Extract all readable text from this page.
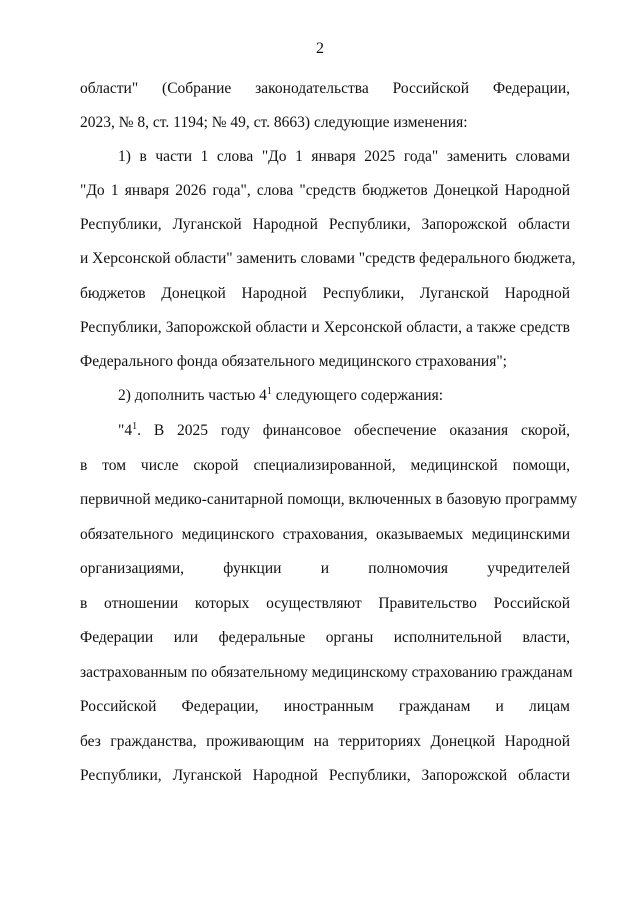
2
области" (Собрание законодательства Российской Федерации,
2023, № 8, ст. 1194; № 49, ст. 8663) следующие изменения:
1) в части 1 слова "До 1 января 2025 года" заменить словами
"До 1 января 2026 года", слова "средств бюджетов Донецкой Народной
Республики, Луганской Народной Республики, Запорожской области
и Херсонской области" заменить словами "средств федерального бюджета,
бюджетов Донецкой Народной Республики, Луганской Народной
Республики, Запорожской области и Херсонской области, а также средств
Федерального фонда обязательного медицинского страхования";
2) дополнить частью $4^1$ следующего содержания:
"$4^1$. В 2025 году финансовое обеспечение оказания скорой,
в том числе скорой специализированной, медицинской помощи,
первичной медико-санитарной помощи, включенных в базовую программу
обязательного медицинского страхования, оказываемых медицинскими
организациями, функции и полномочия учредителей
в отношении которых осуществляют Правительство Российской
Федерации или федеральные органы исполнительной власти,
застрахованным по обязательному медицинскому страхованию гражданам
Российской Федерации, иностранным гражданам и лицам
без гражданства, проживающим на территориях Донецкой Народной
Республики, Луганской Народной Республики, Запорожской области
